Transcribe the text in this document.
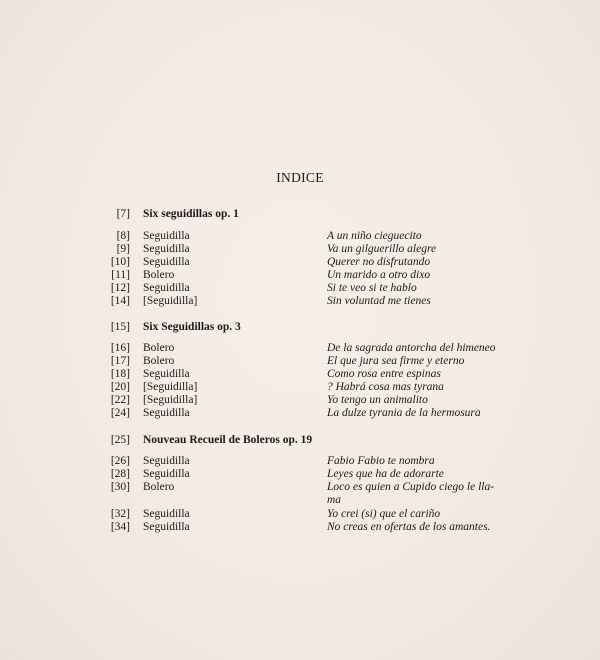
INDICE
[7] Six seguidillas op. 1
[8] Seguidilla	A un niño cieguecito
[9] Seguidilla	Va un gilguerillo alegre
[10] Seguidilla	Querer no disfrutando
[11] Bolero	Un marido a otro dixo
[12] Seguidilla	Si te veo si te hablo
[14] [Seguidilla]	Sin voluntad me tienes
[15] Six Seguidillas op. 3
[16] Bolero	De la sagrada antorcha del himeneo
[17] Bolero	El que jura sea firme y eterno
[18] Seguidilla	Como rosa entre espinas
[20] [Seguidilla]	? Habrá cosa mas tyrana
[22] [Seguidilla]	Yo tengo un animalito
[24] Seguidilla	La dulze tyrania de la hermosura
[25] Nouveau Recueil de Boleros op. 19
[26] Seguidilla	Fabio Fabio te nombra
[28] Seguidilla	Leyes que ha de adorarte
[30] Bolero	Loco es quien a Cupido ciego le lla-
ma
[32] Seguidilla	Yo crei (si) que el cariño
[34] Seguidilla	No creas en ofertas de los amantes.
